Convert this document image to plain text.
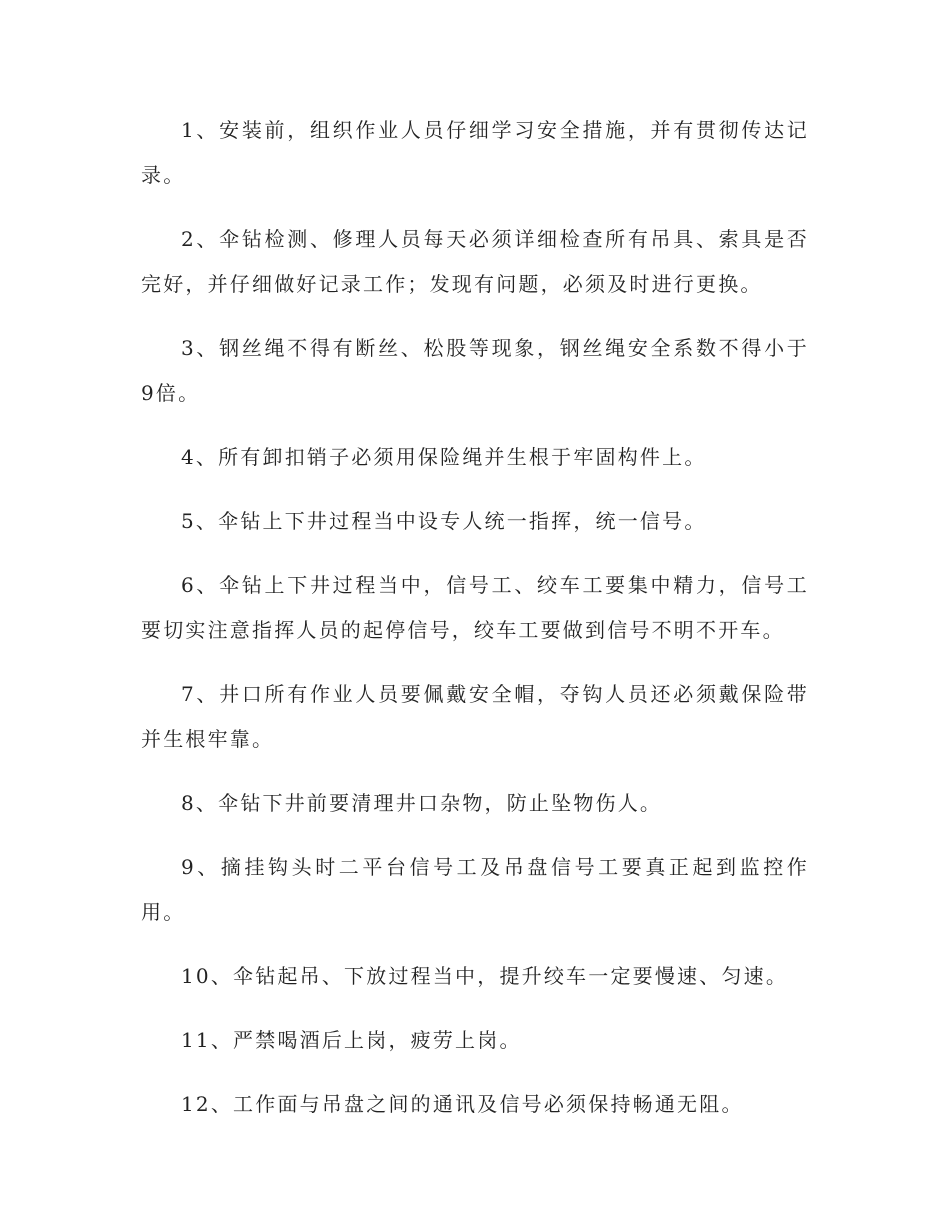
1、安装前，组织作业人员仔细学习安全措施，并有贯彻传达记录。

2、伞钻检测、修理人员每天必须详细检查所有吊具、索具是否完好，并仔细做好记录工作；发现有问题，必须及时进行更换。

3、钢丝绳不得有断丝、松股等现象，钢丝绳安全系数不得小于9倍。

4、所有卸扣销子必须用保险绳并生根于牢固构件上。

5、伞钻上下井过程当中设专人统一指挥，统一信号。

6、伞钻上下井过程当中，信号工、绞车工要集中精力，信号工要切实注意指挥人员的起停信号，绞车工要做到信号不明不开车。

7、井口所有作业人员要佩戴安全帽，夺钩人员还必须戴保险带并生根牢靠。

8、伞钻下井前要清理井口杂物，防止坠物伤人。

9、摘挂钩头时二平台信号工及吊盘信号工要真正起到监控作用。

10、伞钻起吊、下放过程当中，提升绞车一定要慢速、匀速。

11、严禁喝酒后上岗，疲劳上岗。

12、工作面与吊盘之间的通讯及信号必须保持畅通无阻。
